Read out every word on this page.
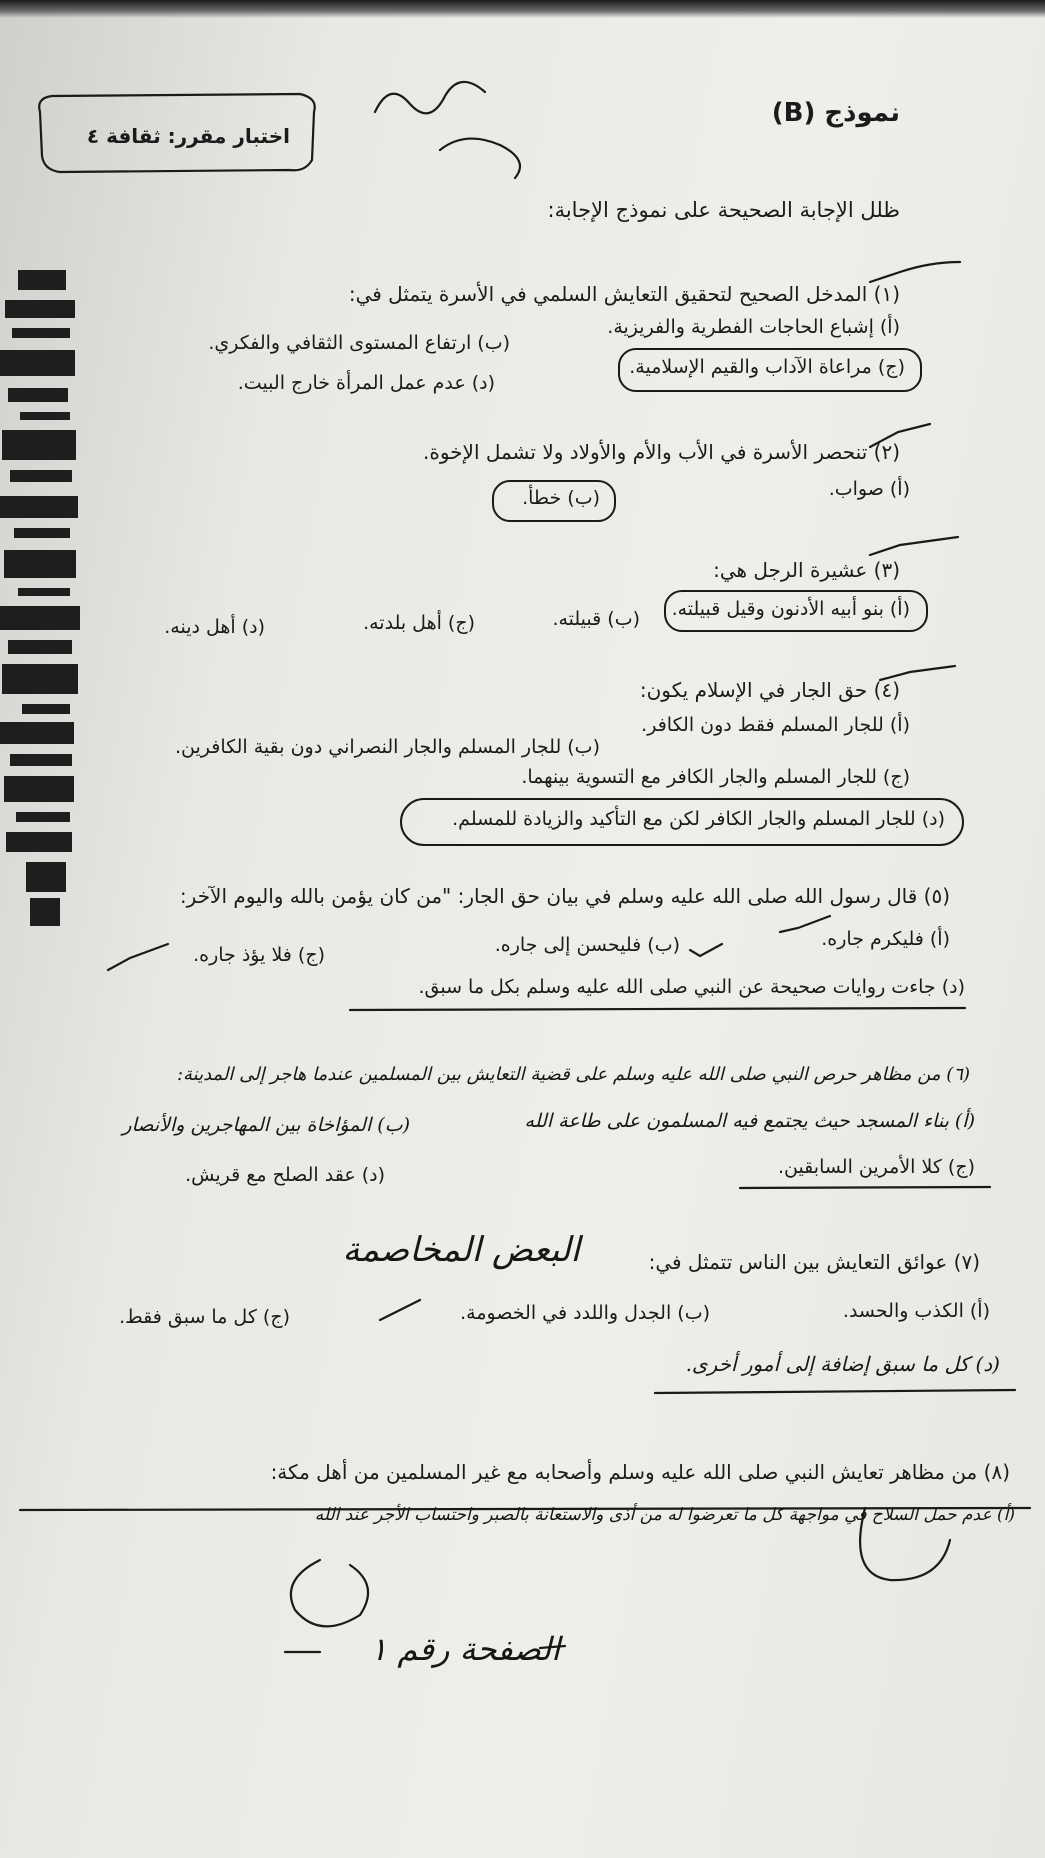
نموذج (B)
اختبار مقرر: ثقافة ٤
ظلل الإجابة الصحيحة على نموذج الإجابة:
(١) المدخل الصحيح لتحقيق التعايش السلمي في الأسرة يتمثل في:
(أ) إشباع الحاجات الفطرية والفريزية.
(ب) ارتفاع المستوى الثقافي والفكري.
(ج) مراعاة الآداب والقيم الإسلامية.
(د) عدم عمل المرأة خارج البيت.
(٢) تنحصر الأسرة في الأب والأم والأولاد ولا تشمل الإخوة.
(أ) صواب.
(ب) خطأ.
(٣) عشيرة الرجل هي:
(أ) بنو أبيه الأدنون وقيل قبيلته.
(ب) قبيلته.
(ج) أهل بلدته.
(د) أهل دينه.
(٤) حق الجار في الإسلام يكون:
(أ) للجار المسلم فقط دون الكافر.
(ب) للجار المسلم والجار النصراني دون بقية الكافرين.
(ج) للجار المسلم والجار الكافر مع التسوية بينهما.
(د) للجار المسلم والجار الكافر لكن مع التأكيد والزيادة للمسلم.
(٥) قال رسول الله صلى الله عليه وسلم في بيان حق الجار: "من كان يؤمن بالله واليوم الآخر:
(أ) فليكرم جاره.
(ب) فليحسن إلى جاره.
(ج) فلا يؤذ جاره.
(د) جاءت روايات صحيحة عن النبي صلى الله عليه وسلم بكل ما سبق.
(٦) من مظاهر حرص النبي صلى الله عليه وسلم على قضية التعايش بين المسلمين عندما هاجر إلى المدينة:
(أ) بناء المسجد حيث يجتمع فيه المسلمون على طاعة الله
(ب) المؤاخاة بين المهاجرين والأنصار
(ج) كلا الأمرين السابقين.
(د) عقد الصلح مع قريش.
البعض المخاصمة	(٧) عوائق التعايش بين الناس تتمثل في:
(أ) الكذب والحسد.
(ب) الجدل واللدد في الخصومة.
(ج) كل ما سبق فقط.
(د) كل ما سبق إضافة إلى أمور أخرى.
(٨) من مظاهر تعايش النبي صلى الله عليه وسلم وأصحابه مع غير المسلمين من أهل مكة:
(أ) عدم حمل السلاح في مواجهة كل ما تعرضوا له من أذى والاستعانة بالصبر واحتساب الأجر عند الله
الصفحة رقم ١
